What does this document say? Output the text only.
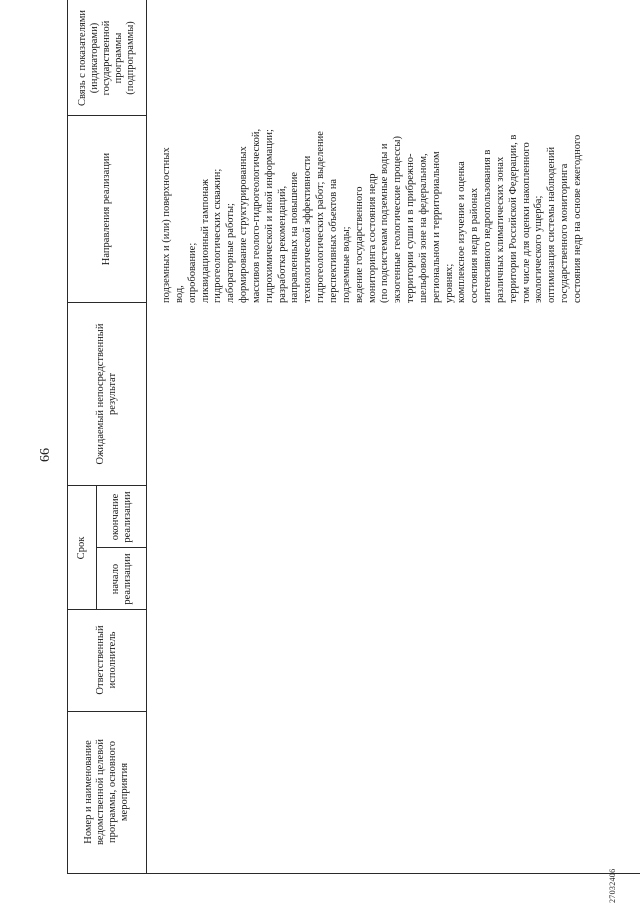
66
Номер и наименование ведомственной целевой программы, основного мероприятия
Ответственный исполнитель
Срок
начало реализации
окончание реализации
Ожидаемый непосредственный результат
Направления реализации
Связь с показателями (индикаторами) государственной программы (подпрограммы)

подземных и (или) поверхностных
вод,
опробование;
ликвидационный тампонаж
гидрогеологических скважин;
лабораторные работы;
формирование структурированных
массивов геолого-гидрогеологической,
гидрохимической и иной информации;
разработка рекомендаций,
направленных на повышение
технологической эффективности
гидрогеологических работ; выделение
перспективных объектов на
подземные воды;
ведение государственного
мониторинга состояния недр
(по подсистемам подземные воды и
экзогенные геологические процессы)
территории суши и в прибрежно-
шельфовой зоне на федеральном,
региональном и территориальном
уровнях;
комплексное изучение и оценка
состояния недр в районах
интенсивного недропользования в
различных климатических зонах
территории Российской Федерации, в
том числе для оценки накопленного
экологического ущерба;
оптимизация системы наблюдений
государственного мониторинга
состояния недр на основе ежегодного

27032406
